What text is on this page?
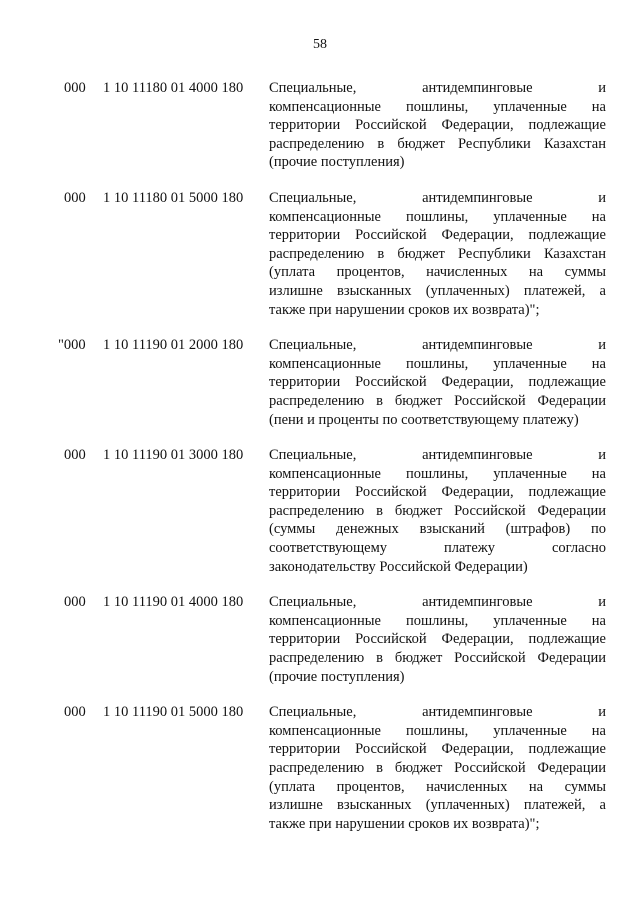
58
000 1 10 11180 01 4000 180 Специальные, антидемпинговые и
компенсационные пошлины, уплаченные на
территории Российской Федерации, подлежащие
распределению в бюджет Республики Казахстан
(прочие поступления)
000 1 10 11180 01 5000 180 Специальные, антидемпинговые и
компенсационные пошлины, уплаченные на
территории Российской Федерации, подлежащие
распределению в бюджет Республики Казахстан
(уплата процентов, начисленных на суммы
излишне взысканных (уплаченных) платежей, а
также при нарушении сроков их возврата)";
"000 1 10 11190 01 2000 180 Специальные, антидемпинговые и
компенсационные пошлины, уплаченные на
территории Российской Федерации, подлежащие
распределению в бюджет Российской Федерации
(пени и проценты по соответствующему платежу)
000 1 10 11190 01 3000 180 Специальные, антидемпинговые и
компенсационные пошлины, уплаченные на
территории Российской Федерации, подлежащие
распределению в бюджет Российской Федерации
(суммы денежных взысканий (штрафов) по
соответствующему платежу согласно
законодательству Российской Федерации)
000 1 10 11190 01 4000 180 Специальные, антидемпинговые и
компенсационные пошлины, уплаченные на
территории Российской Федерации, подлежащие
распределению в бюджет Российской Федерации
(прочие поступления)
000 1 10 11190 01 5000 180 Специальные, антидемпинговые и
компенсационные пошлины, уплаченные на
территории Российской Федерации, подлежащие
распределению в бюджет Российской Федерации
(уплата процентов, начисленных на суммы
излишне взысканных (уплаченных) платежей, а
также при нарушении сроков их возврата)";
